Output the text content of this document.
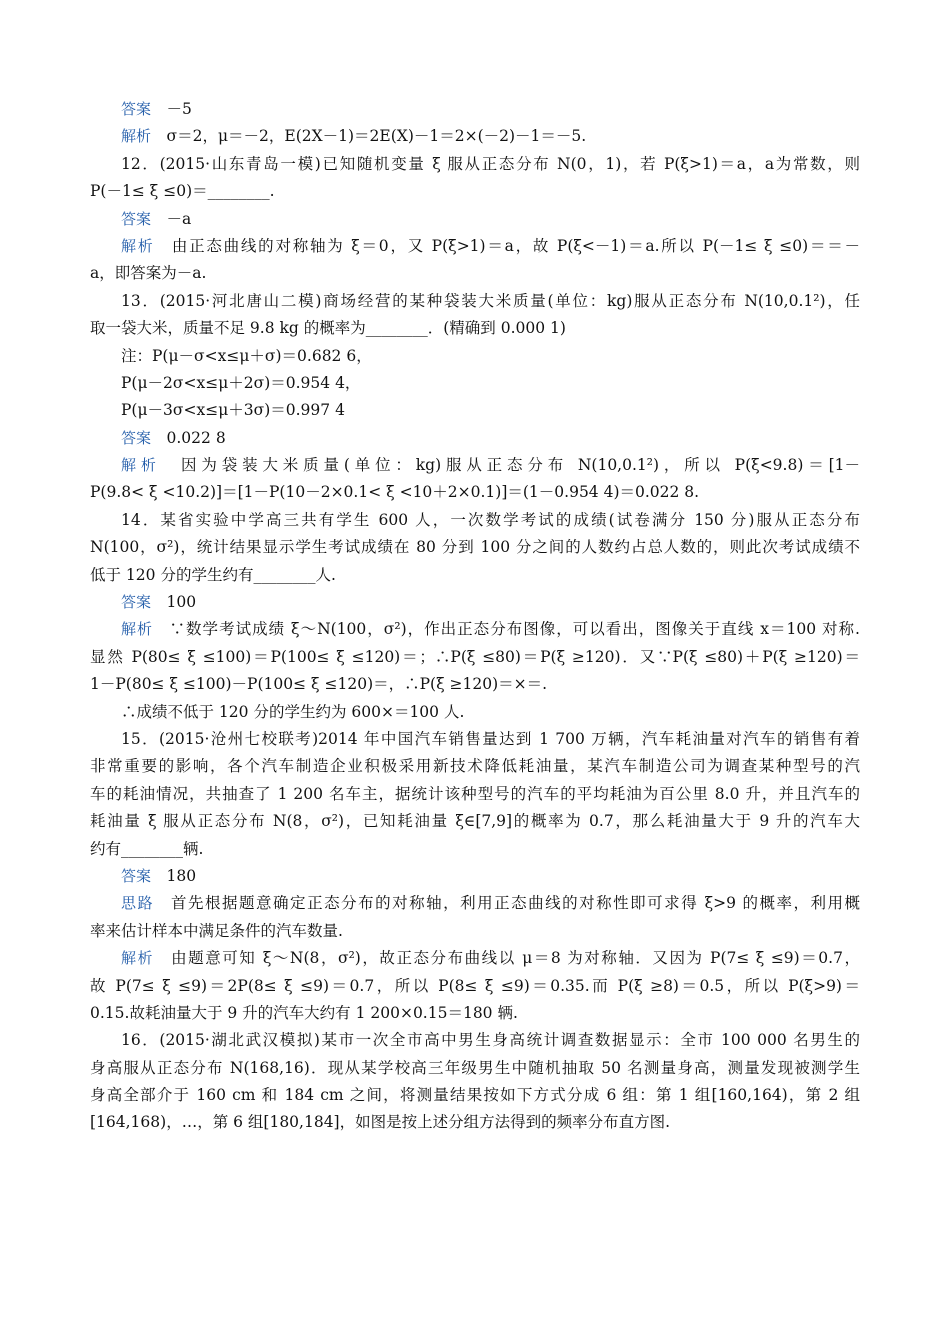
答案　－5
解析　σ＝2，μ＝－2，E(2X－1)＝2E(X)－1＝2×(－2)－1＝－5.
12．(2015·山东青岛一模)已知随机变量 ξ 服从正态分布 N(0，1)，若 P(ξ>1)＝a，a为常数，则
P(－1≤ ξ ≤0)＝________.
答案　－a
解析　由正态曲线的对称轴为 ξ＝0，又 P(ξ>1)＝a，故 P(ξ<－1)＝a.所以 P(－1≤ ξ ≤0)＝＝－
a，即答案为－a.
13．(2015·河北唐山二模)商场经营的某种袋装大米质量(单位：kg)服从正态分布 N(10,0.1²)，任
取一袋大米，质量不足 9.8 kg 的概率为________．(精确到 0.000 1)
注：P(μ－σ<x≤μ＋σ)＝0.682 6，
P(μ－2σ<x≤μ＋2σ)＝0.954 4，
P(μ－3σ<x≤μ＋3σ)＝0.997 4
答案　0.022 8
解析　因为袋装大米质量(单位：kg)服从正态分布 N(10,0.1²)，所以 P(ξ<9.8)＝[1－
P(9.8< ξ <10.2)]＝[1－P(10－2×0.1< ξ <10＋2×0.1)]＝(1－0.954 4)＝0.022 8.
14．某省实验中学高三共有学生 600 人，一次数学考试的成绩(试卷满分 150 分)服从正态分布
N(100，σ²)，统计结果显示学生考试成绩在 80 分到 100 分之间的人数约占总人数的，则此次考试成绩不
低于 120 分的学生约有________人.
答案　100
解析　∵数学考试成绩 ξ～N(100，σ²)，作出正态分布图像，可以看出，图像关于直线 x＝100 对称.
显然 P(80≤ ξ ≤100)＝P(100≤ ξ ≤120)＝；∴P(ξ ≤80)＝P(ξ ≥120)．又∵P(ξ ≤80)＋P(ξ ≥120)＝
1－P(80≤ ξ ≤100)－P(100≤ ξ ≤120)＝，∴P(ξ ≥120)＝×＝.
∴成绩不低于 120 分的学生约为 600×＝100 人.
15．(2015·沧州七校联考)2014 年中国汽车销售量达到 1 700 万辆，汽车耗油量对汽车的销售有着
非常重要的影响，各个汽车制造企业积极采用新技术降低耗油量，某汽车制造公司为调查某种型号的汽
车的耗油情况，共抽查了 1 200 名车主，据统计该种型号的汽车的平均耗油为百公里 8.0 升，并且汽车的
耗油量 ξ 服从正态分布 N(8，σ²)，已知耗油量 ξ∈[7,9]的概率为 0.7，那么耗油量大于 9 升的汽车大
约有________辆.
答案　180
思路　首先根据题意确定正态分布的对称轴，利用正态曲线的对称性即可求得 ξ>9 的概率，利用概
率来估计样本中满足条件的汽车数量.
解析　由题意可知 ξ～N(8，σ²)，故正态分布曲线以 μ＝8 为对称轴．又因为 P(7≤ ξ ≤9)＝0.7，
故 P(7≤ ξ ≤9)＝2P(8≤ ξ ≤9)＝0.7，所以 P(8≤ ξ ≤9)＝0.35.而 P(ξ ≥8)＝0.5，所以 P(ξ>9)＝
0.15.故耗油量大于 9 升的汽车大约有 1 200×0.15＝180 辆.
16．(2015·湖北武汉模拟)某市一次全市高中男生身高统计调查数据显示：全市 100 000 名男生的
身高服从正态分布 N(168,16)．现从某学校高三年级男生中随机抽取 50 名测量身高，测量发现被测学生
身高全部介于 160 cm 和 184 cm 之间，将测量结果按如下方式分成 6 组：第 1 组[160,164)，第 2 组
[164,168)，…，第 6 组[180,184]，如图是按上述分组方法得到的频率分布直方图.
